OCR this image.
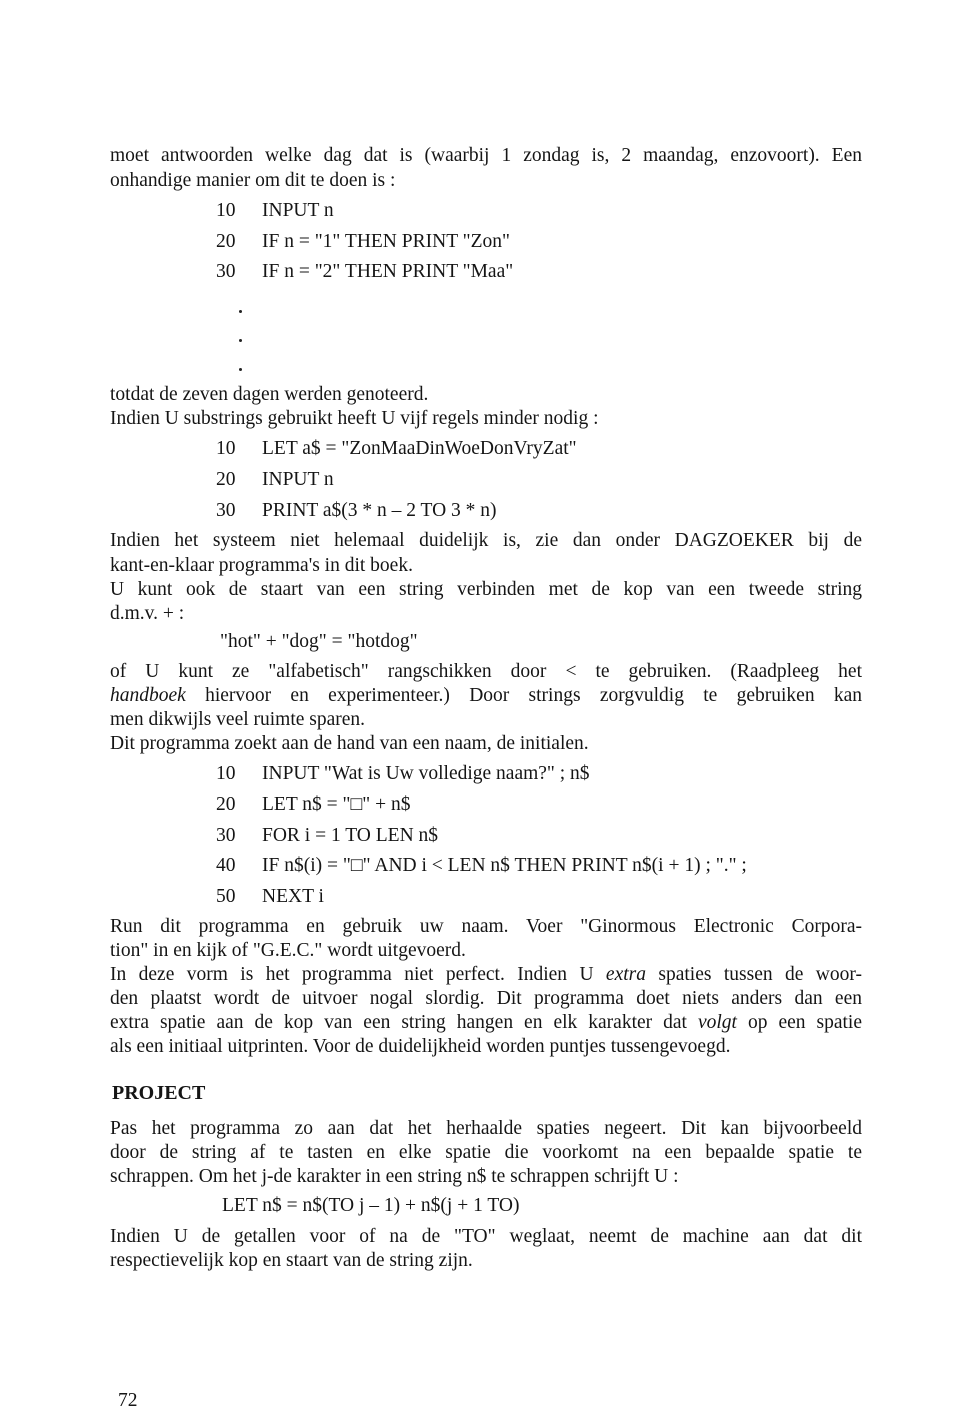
moet antwoorden welke dag dat is (waarbij 1 zondag is, 2 maandag, enzovoort). Een
onhandige manier om dit te doen is :
10 INPUT n
20 IF n = "1" THEN PRINT "Zon"
30 IF n = "2" THEN PRINT "Maa"
totdat de zeven dagen werden genoteerd.
Indien U substrings gebruikt heeft U vijf regels minder nodig :
10 LET a$ = "ZonMaaDinWoeDonVryZat"
20 INPUT n
30 PRINT a$(3 * n – 2 TO 3 * n)
Indien het systeem niet helemaal duidelijk is, zie dan onder DAGZOEKER bij de
kant-en-klaar programma's in dit boek.
U kunt ook de staart van een string verbinden met de kop van een tweede string
d.m.v. + :
"hot" + "dog" = "hotdog"
of U kunt ze "alfabetisch" rangschikken door < te gebruiken. (Raadpleeg het
handboek hiervoor en experimenteer.) Door strings zorgvuldig te gebruiken kan
men dikwijls veel ruimte sparen.
Dit programma zoekt aan de hand van een naam, de initialen.
10 INPUT "Wat is Uw volledige naam?" ; n$
20 LET n$ = "□" + n$
30 FOR i = 1 TO LEN n$
40 IF n$(i) = "□" AND i < LEN n$ THEN PRINT n$(i + 1) ; "." ;
50 NEXT i
Run dit programma en gebruik uw naam. Voer "Ginormous Electronic Corpora-
tion" in en kijk of "G.E.C." wordt uitgevoerd.
In deze vorm is het programma niet perfect. Indien U extra spaties tussen de woor-
den plaatst wordt de uitvoer nogal slordig. Dit programma doet niets anders dan een
extra spatie aan de kop van een string hangen en elk karakter dat volgt op een spatie
als een initiaal uitprinten. Voor de duidelijkheid worden puntjes tussengevoegd.
PROJECT
Pas het programma zo aan dat het herhaalde spaties negeert. Dit kan bijvoorbeeld
door de string af te tasten en elke spatie die voorkomt na een bepaalde spatie te
schrappen. Om het j-de karakter in een string n$ te schrappen schrijft U :
LET n$ = n$(TO j – 1) + n$(j + 1 TO)
Indien U de getallen voor of na de "TO" weglaat, neemt de machine aan dat dit
respectievelijk kop en staart van de string zijn.
72
